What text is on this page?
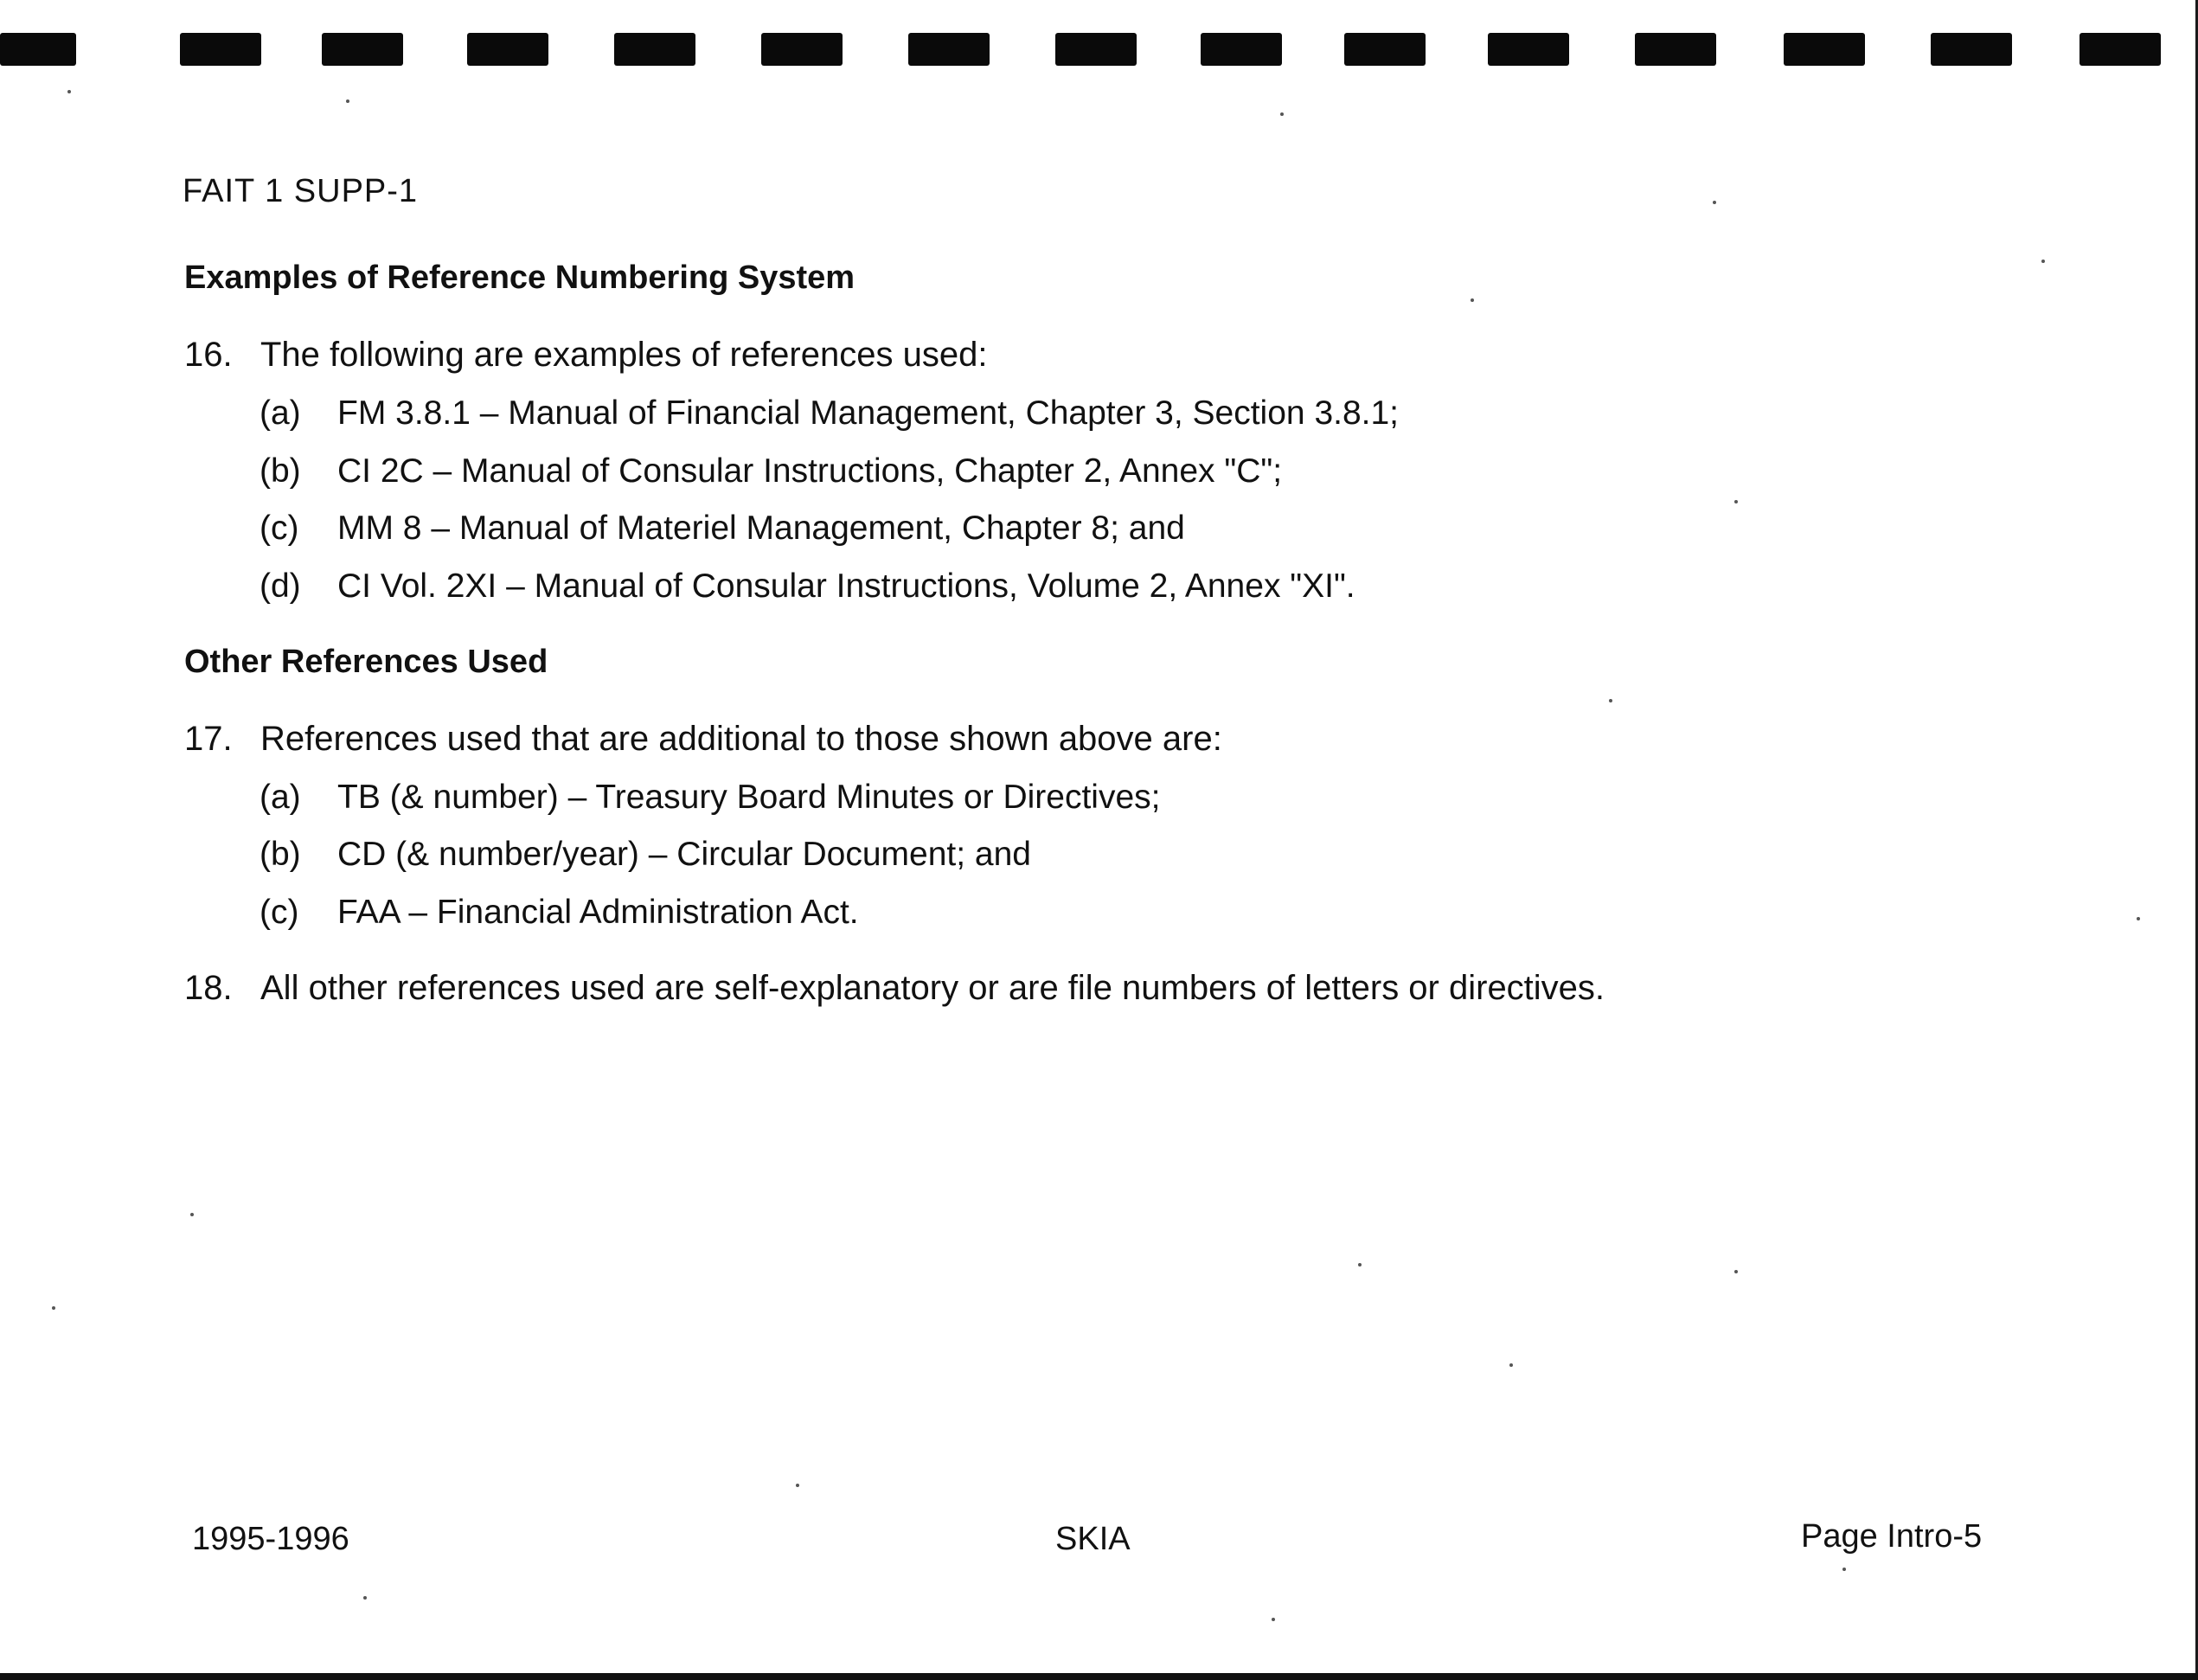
FAIT 1 SUPP-1
Examples of Reference Numbering System
16. The following are examples of references used:
(a) FM 3.8.1 – Manual of Financial Management, Chapter 3, Section 3.8.1;
(b) CI 2C – Manual of Consular Instructions, Chapter 2, Annex "C";
(c) MM 8 – Manual of Materiel Management, Chapter 8; and
(d) CI Vol. 2XI – Manual of Consular Instructions, Volume 2, Annex "XI".
Other References Used
17. References used that are additional to those shown above are:
(a) TB (& number) – Treasury Board Minutes or Directives;
(b) CD (& number/year) – Circular Document; and
(c) FAA – Financial Administration Act.
18. All other references used are self-explanatory or are file numbers of letters or directives.
1995-1996	SKIA	Page Intro-5
